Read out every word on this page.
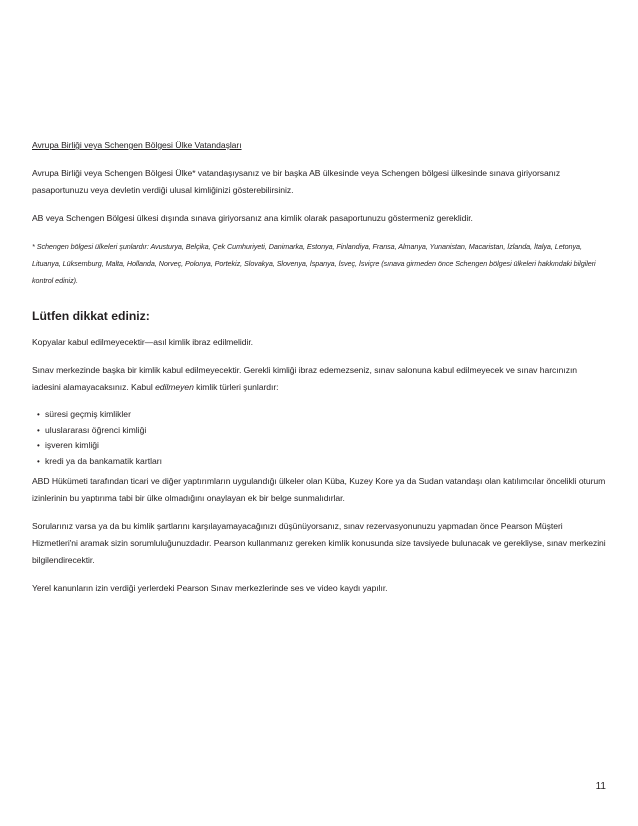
Avrupa Birliği veya Schengen Bölgesi Ülke Vatandaşları

Avrupa Birliği veya Schengen Bölgesi Ülke* vatandaşıysanız ve bir başka AB ülkesinde veya Schengen bölgesi ülkesinde sınava giriyorsanız pasaportunuzu veya devletin verdiği ulusal kimliğinizi gösterebilirsiniz.

AB veya Schengen Bölgesi ülkesi dışında sınava giriyorsanız ana kimlik olarak pasaportunuzu göstermeniz gereklidir.

* Schengen bölgesi ülkeleri şunlardır: Avusturya, Belçika, Çek Cumhuriyeti, Danimarka, Estonya, Finlandiya, Fransa, Almanya, Yunanistan, Macaristan, İzlanda, İtalya, Letonya, Lituanya, Lüksemburg, Malta, Hollanda, Norveç, Polonya, Portekiz, Slovakya, Slovenya, İspanya, İsveç, İsviçre (sınava girmeden önce Schengen bölgesi ülkeleri hakkındaki bilgileri kontrol ediniz).

Lütfen dikkat ediniz:

Kopyalar kabul edilmeyecektir—asıl kimlik ibraz edilmelidir.

Sınav merkezinde başka bir kimlik kabul edilmeyecektir. Gerekli kimliği ibraz edemezseniz, sınav salonuna kabul edilmeyecek ve sınav harcınızın iadesini alamayacaksınız. Kabul edilmeyen kimlik türleri şunlardır:

• süresi geçmiş kimlikler
• uluslararası öğrenci kimliği
• işveren kimliği
• kredi ya da bankamatik kartları

ABD Hükümeti tarafından ticari ve diğer yaptırımların uygulandığı ülkeler olan Küba, Kuzey Kore ya da Sudan vatandaşı olan katılımcılar öncelikli oturum izinlerinin bu yaptırıma tabi bir ülke olmadığını onaylayan ek bir belge sunmalıdırlar.

Sorularınız varsa ya da bu kimlik şartlarını karşılayamayacağınızı düşünüyorsanız, sınav rezervasyonunuzu yapmadan önce Pearson Müşteri Hizmetleri'ni aramak sizin sorumluluğunuzdadır. Pearson kullanmanız gereken kimlik konusunda size tavsiyede bulunacak ve gerekliyse, sınav merkezini bilgilendirecektir.

Yerel kanunların izin verdiği yerlerdeki Pearson Sınav merkezlerinde ses ve video kaydı yapılır.

11
